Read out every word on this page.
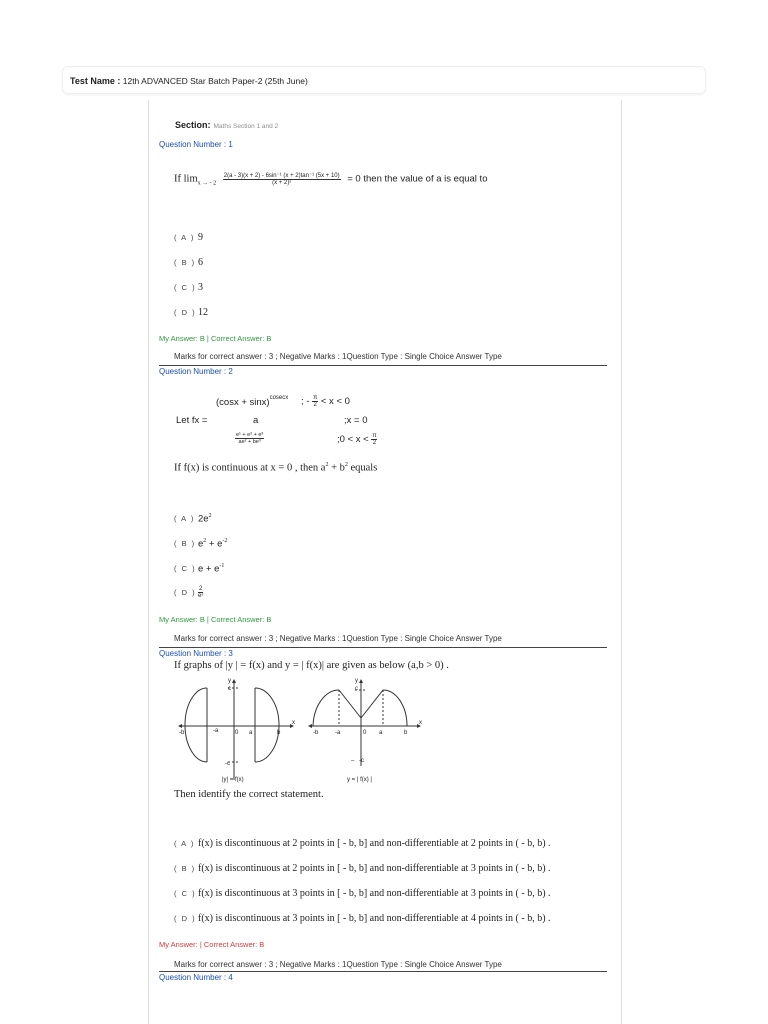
Test Name : 12th ADVANCED Star Batch Paper-2 (25th June)
Section: Maths Section 1 and 2
Question Number : 1
If $\lim_{x \to - 2} \frac{\text{2(a - 3)(x + 2) - 6sin⁻¹ (x + 2)tan⁻¹ (5x + 10)}}{\text{(x + 2)²}} = 0$ then the value of a is equal to
( A ) 9
( B ) 6
( C ) 3
( D ) 12
My Answer: B | Correct Answer: B
Marks for correct answer : 3 ; Negative Marks : 1Question Type : Single Choice Answer Type
Question Number : 2
$(\cos x + \sin x)^{cosecx}$ ; - $\frac{\pi}{2} < x < 0$
Let fx =	a	;x = 0
$\frac{\text{e¹ + e² + e³}}{\text{ae² + be³}}$	;0 < $x < \frac{\pi}{2}$
If f(x) is continuous at x = 0 , then $a^2 + b^2$ equals
( A ) $2e^2$
( B ) $e^2 + e^{-2}$
( C ) $e + e^{-1}$
( D ) $\frac{2}{\text{e²}}$
My Answer: B | Correct Answer: B
Marks for correct answer : 3 ; Negative Marks : 1Question Type : Single Choice Answer Type
Question Number : 3
If graphs of |y | = f(x) and y = | f(x)| are given as below (a,b > 0) .
y
x
c
-c
-b	-a	0 a	b
|y| = f(x)
y
x
c
-b	-a	0 a	b
– -c
y = | f(x) |
Then identify the correct statement.
( A ) f(x) is discontinuous at 2 points in [ - b, b] and non-differentiable at 2 points in ( - b, b) .
( B ) f(x) is discontinuous at 2 points in [ - b, b] and non-differentiable at 3 points in ( - b, b) .
( C ) f(x) is discontinuous at 3 points in [ - b, b] and non-differentiable at 3 points in ( - b, b) .
( D ) f(x) is discontinuous at 3 points in [ - b, b] and non-differentiable at 4 points in ( - b, b) .
My Answer: | Correct Answer: B
Marks for correct answer : 3 ; Negative Marks : 1Question Type : Single Choice Answer Type
Question Number : 4
